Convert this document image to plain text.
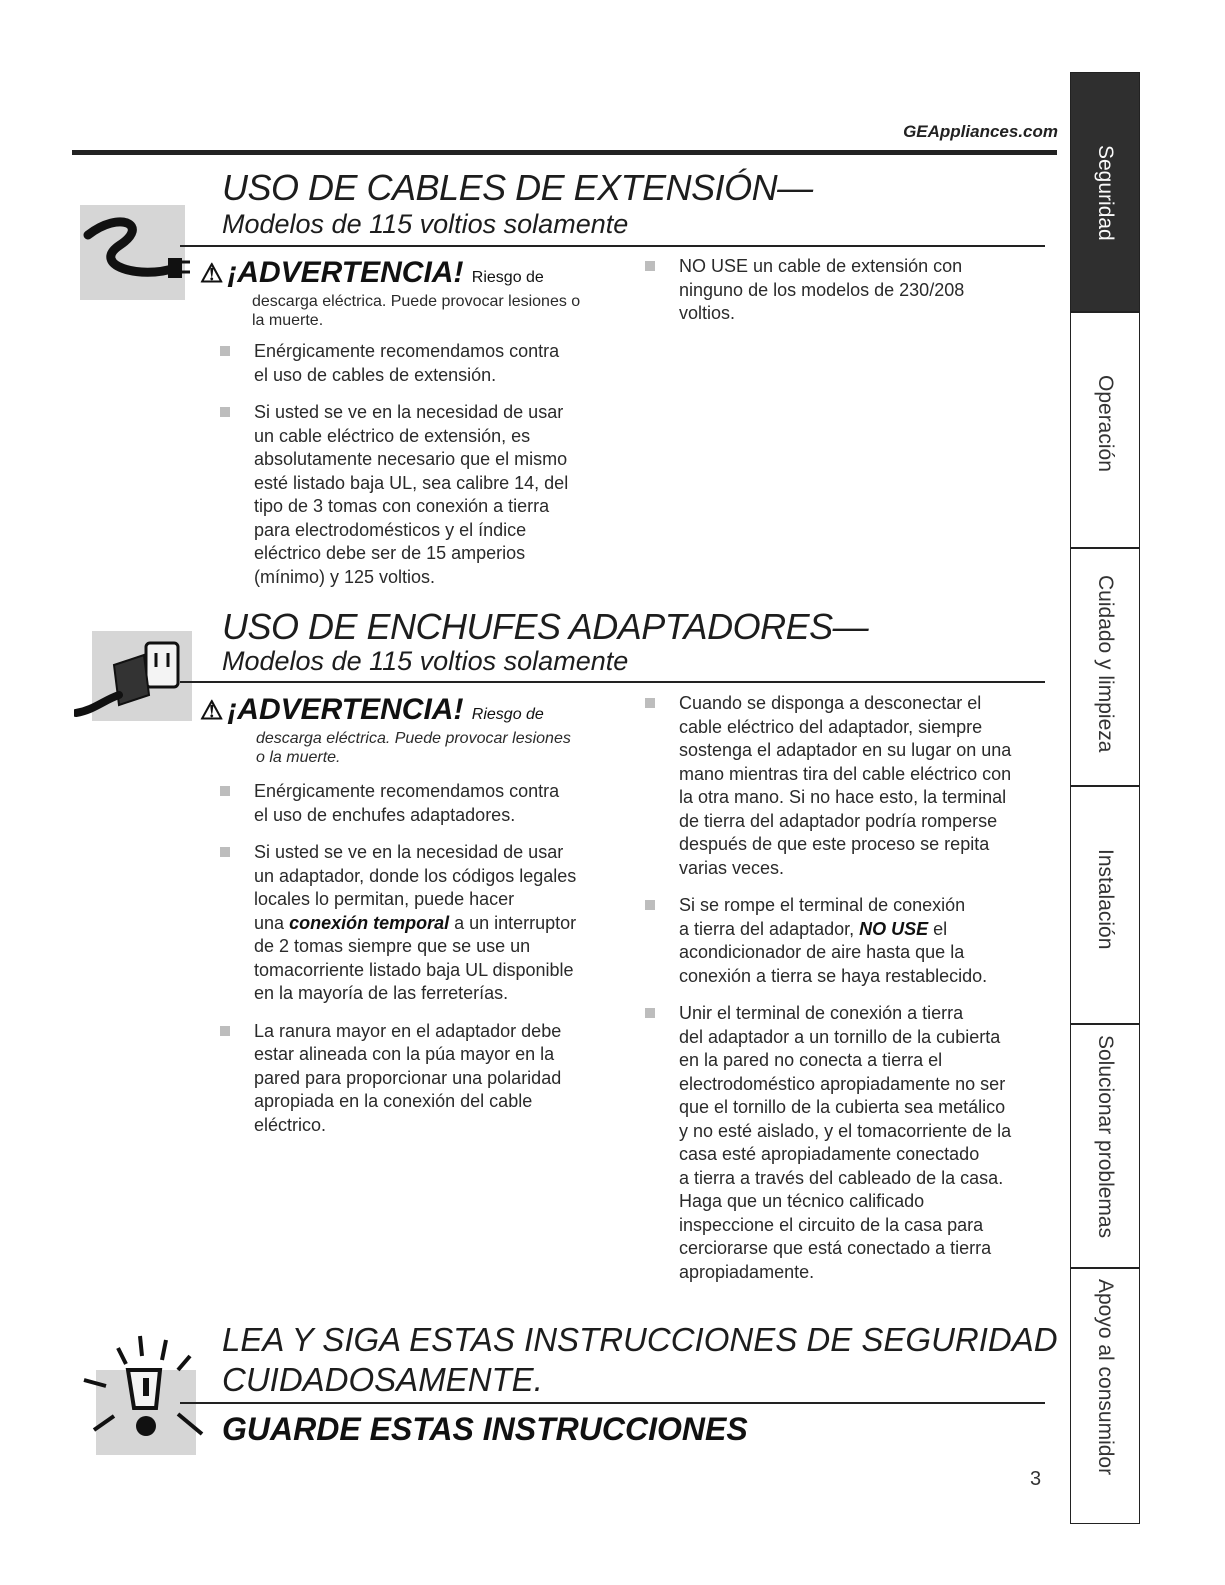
GEAppliances.com
USO DE CABLES DE EXTENSIÓN—
Modelos de 115 voltios solamente
⚠ ¡ADVERTENCIA! Riesgo de
descarga eléctrica. Puede provocar lesiones o
la muerte.
Enérgicamente recomendamos contra
el uso de cables de extensión.
Si usted se ve en la necesidad de usar
un cable eléctrico de extensión, es
absolutamente necesario que el mismo
esté listado baja UL, sea calibre 14, del
tipo de 3 tomas con conexión a tierra
para electrodomésticos y el índice
eléctrico debe ser de 15 amperios
(mínimo) y 125 voltios.
NO USE un cable de extensión con
ninguno de los modelos de 230/208
voltios.
USO DE ENCHUFES ADAPTADORES—
Modelos de 115 voltios solamente
⚠ ¡ADVERTENCIA! Riesgo de
descarga eléctrica. Puede provocar lesiones
o la muerte.
Enérgicamente recomendamos contra
el uso de enchufes adaptadores.
Si usted se ve en la necesidad de usar
un adaptador, donde los códigos legales
locales lo permitan, puede hacer
una conexión temporal a un interruptor
de 2 tomas siempre que se use un
tomacorriente listado baja UL disponible
en la mayoría de las ferreterías.
La ranura mayor en el adaptador debe
estar alineada con la púa mayor en la
pared para proporcionar una polaridad
apropiada en la conexión del cable
eléctrico.
Cuando se disponga a desconectar el
cable eléctrico del adaptador, siempre
sostenga el adaptador en su lugar on una
mano mientras tira del cable eléctrico con
la otra mano. Si no hace esto, la terminal
de tierra del adaptador podría romperse
después de que este proceso se repita
varias veces.
Si se rompe el terminal de conexión
a tierra del adaptador, NO USE el
acondicionador de aire hasta que la
conexión a tierra se haya restablecido.
Unir el terminal de conexión a tierra
del adaptador a un tornillo de la cubierta
en la pared no conecta a tierra el
electrodoméstico apropiadamente no ser
que el tornillo de la cubierta sea metálico
y no esté aislado, y el tomacorriente de la
casa esté apropiadamente conectado
a tierra a través del cableado de la casa.
Haga que un técnico calificado
inspeccione el circuito de la casa para
cerciorarse que está conectado a tierra
apropiadamente.
LEA Y SIGA ESTAS INSTRUCCIONES DE SEGURIDAD
CUIDADOSAMENTE.
GUARDE ESTAS INSTRUCCIONES
3
Seguridad
Operación
Cuidado y limpieza
Instalación
Solucionar problemas
Apoyo al consumidor
